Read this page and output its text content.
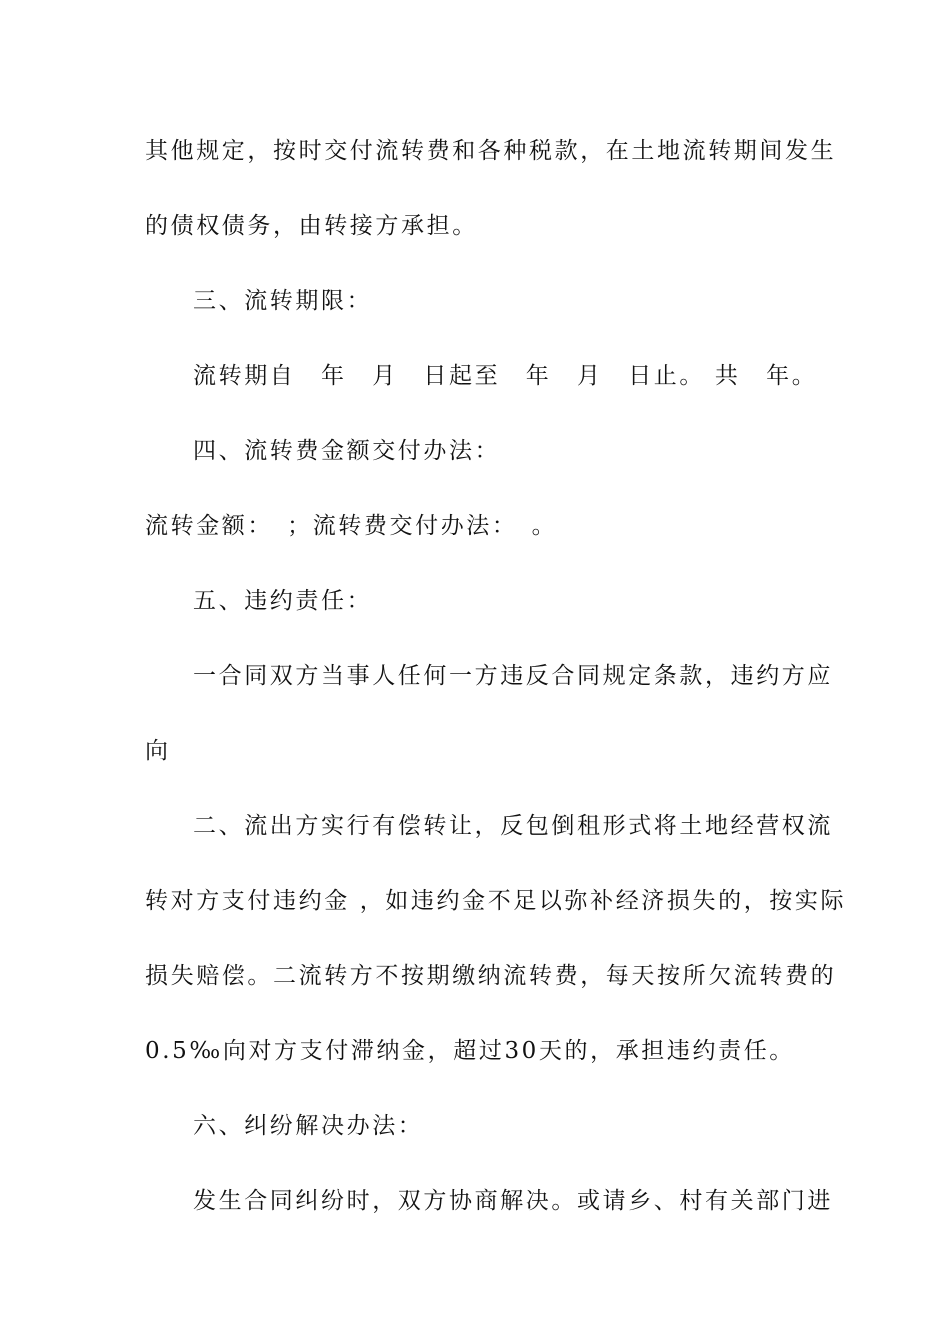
其他规定，按时交付流转费和各种税款，在土地流转期间发生
的债权债务，由转接方承担。
三、流转期限：
流转期自　年　月　日起至　年　月　日止。 共　年。
四、流转费金额交付办法：
流转金额：　；流转费交付办法：　。
五、违约责任：
一合同双方当事人任何一方违反合同规定条款，违约方应
向
二、流出方实行有偿转让，反包倒租形式将土地经营权流
转对方支付违约金 ，如违约金不足以弥补经济损失的，按实际
损失赔偿。二流转方不按期缴纳流转费，每天按所欠流转费的
0.5‰向对方支付滞纳金，超过30天的，承担违约责任。
六、纠纷解决办法：
发生合同纠纷时，双方协商解决。或请乡、村有关部门进
